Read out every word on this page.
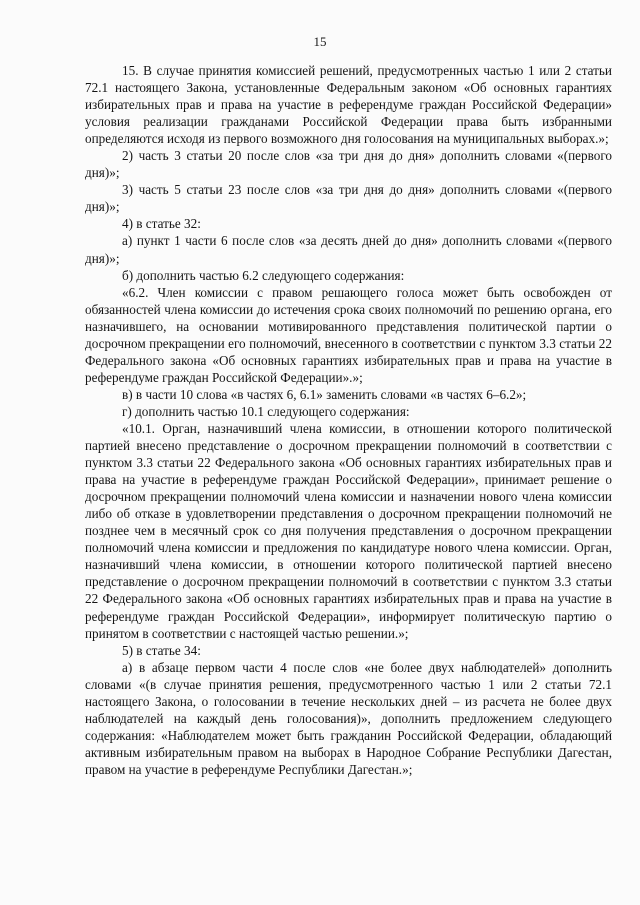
15

15. В случае принятия комиссией решений, предусмотренных частью 1 или 2 статьи 72.1 настоящего Закона, установленные Федеральным законом «Об основных гарантиях избирательных прав и права на участие в референдуме граждан Российской Федерации» условия реализации гражданами Российской Федерации права быть избранными определяются исходя из первого возможного дня голосования на муниципальных выборах.»;

2) часть 3 статьи 20 после слов «за три дня до дня» дополнить словами «(первого дня)»;

3) часть 5 статьи 23 после слов «за три дня до дня» дополнить словами «(первого дня)»;

4) в статье 32:

а) пункт 1 части 6 после слов «за десять дней до дня» дополнить словами «(первого дня)»;

б) дополнить частью 6.2 следующего содержания:

«6.2. Член комиссии с правом решающего голоса может быть освобожден от обязанностей члена комиссии до истечения срока своих полномочий по решению органа, его назначившего, на основании мотивированного представления политической партии о досрочном прекращении его полномочий, внесенного в соответствии с пунктом 3.3 статьи 22 Федерального закона «Об основных гарантиях избирательных прав и права на участие в референдуме граждан Российской Федерации».»;

в) в части 10 слова «в частях 6, 6.1» заменить словами «в частях 6–6.2»;

г) дополнить частью 10.1 следующего содержания:

«10.1. Орган, назначивший члена комиссии, в отношении которого политической партией внесено представление о досрочном прекращении полномочий в соответствии с пунктом 3.3 статьи 22 Федерального закона «Об основных гарантиях избирательных прав и права на участие в референдуме граждан Российской Федерации», принимает решение о досрочном прекращении полномочий члена комиссии и назначении нового члена комиссии либо об отказе в удовлетворении представления о досрочном прекращении полномочий не позднее чем в месячный срок со дня получения представления о досрочном прекращении полномочий члена комиссии и предложения по кандидатуре нового члена комиссии. Орган, назначивший члена комиссии, в отношении которого политической партией внесено представление о досрочном прекращении полномочий в соответствии с пунктом 3.3 статьи 22 Федерального закона «Об основных гарантиях избирательных прав и права на участие в референдуме граждан Российской Федерации», информирует политическую партию о принятом в соответствии с настоящей частью решении.»;

5) в статье 34:

а) в абзаце первом части 4 после слов «не более двух наблюдателей» дополнить словами «(в случае принятия решения, предусмотренного частью 1 или 2 статьи 72.1 настоящего Закона, о голосовании в течение нескольких дней – из расчета не более двух наблюдателей на каждый день голосования)», дополнить предложением следующего содержания: «Наблюдателем может быть гражданин Российской Федерации, обладающий активным избирательным правом на выборах в Народное Собрание Республики Дагестан, правом на участие в референдуме Республики Дагестан.»;
